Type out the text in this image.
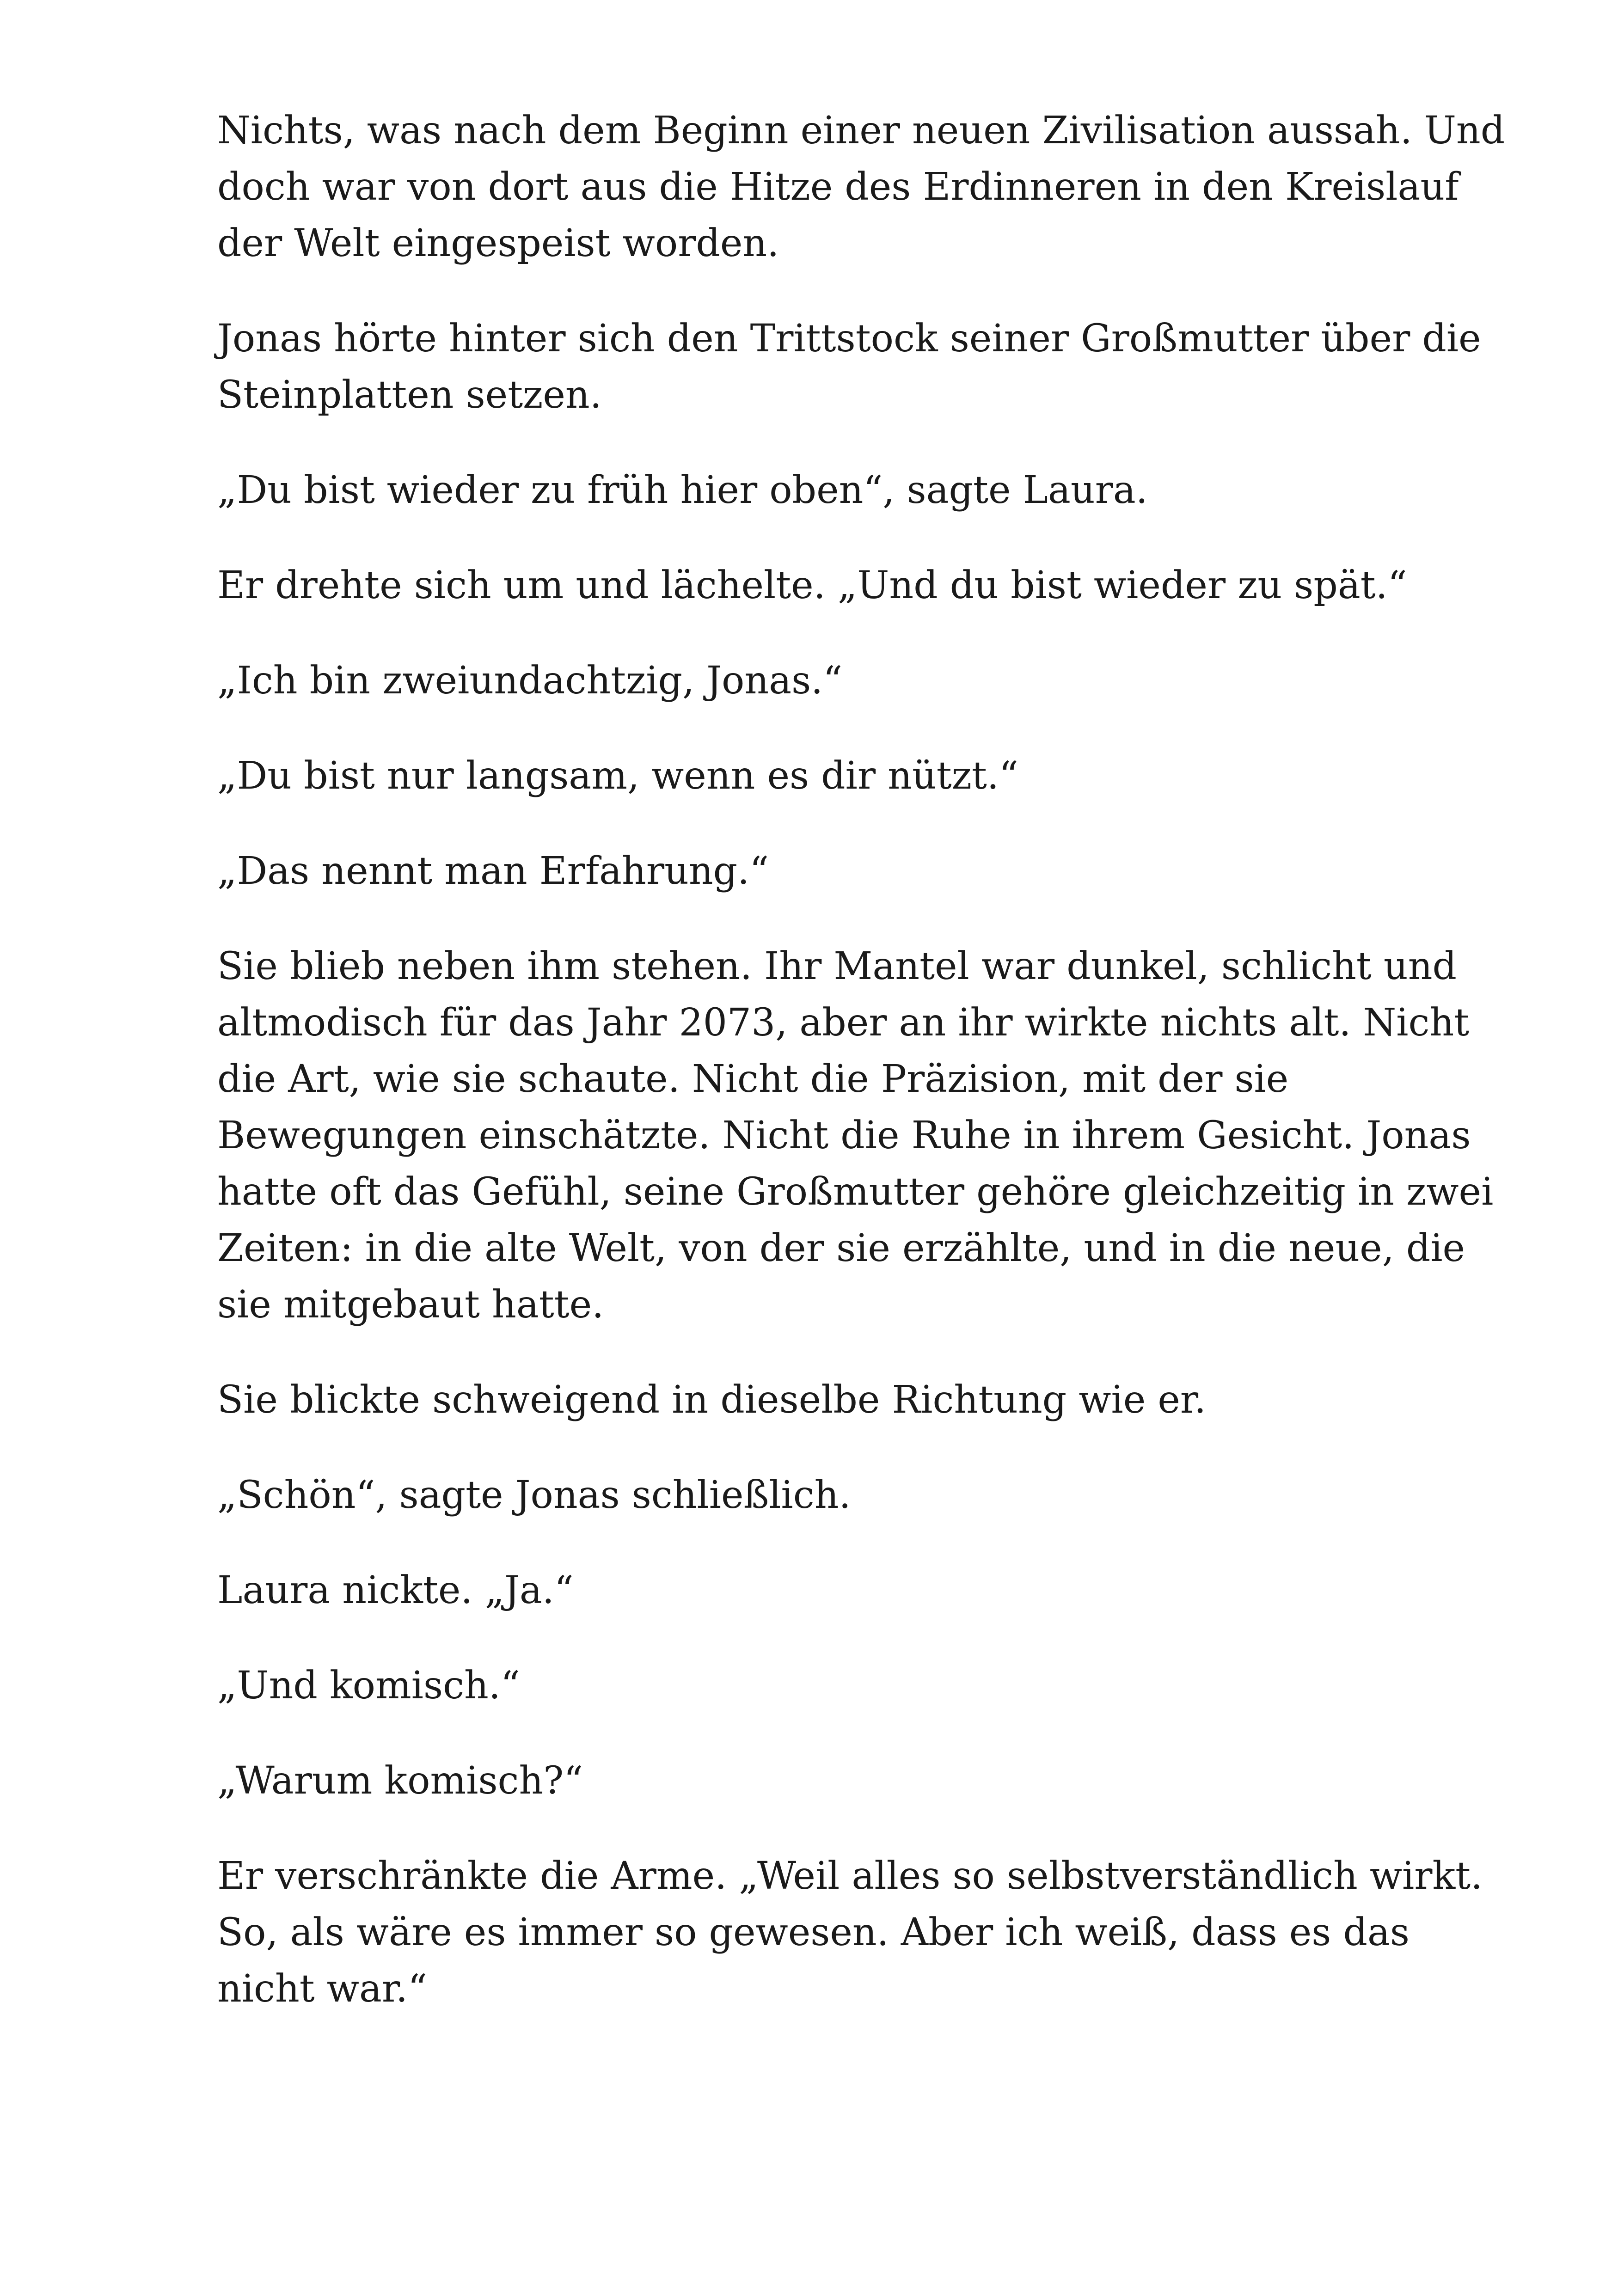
Nichts, was nach dem Beginn einer neuen Zivilisation aussah. Und doch war von dort aus die Hitze des Erdinneren in den Kreislauf der Welt eingespeist worden.

Jonas hörte hinter sich den Trittstock seiner Großmutter über die Steinplatten setzen.

„Du bist wieder zu früh hier oben“, sagte Laura.

Er drehte sich um und lächelte. „Und du bist wieder zu spät.“

„Ich bin zweiundachtzig, Jonas.“

„Du bist nur langsam, wenn es dir nützt.“

„Das nennt man Erfahrung.“

Sie blieb neben ihm stehen. Ihr Mantel war dunkel, schlicht und altmodisch für das Jahr 2073, aber an ihr wirkte nichts alt. Nicht die Art, wie sie schaute. Nicht die Präzision, mit der sie Bewegungen einschätzte. Nicht die Ruhe in ihrem Gesicht. Jonas hatte oft das Gefühl, seine Großmutter gehöre gleichzeitig in zwei Zeiten: in die alte Welt, von der sie erzählte, und in die neue, die sie mitgebaut hatte.

Sie blickte schweigend in dieselbe Richtung wie er.

„Schön“, sagte Jonas schließlich.

Laura nickte. „Ja.“

„Und komisch.“

„Warum komisch?“

Er verschränkte die Arme. „Weil alles so selbstverständlich wirkt. So, als wäre es immer so gewesen. Aber ich weiß, dass es das nicht war.“
